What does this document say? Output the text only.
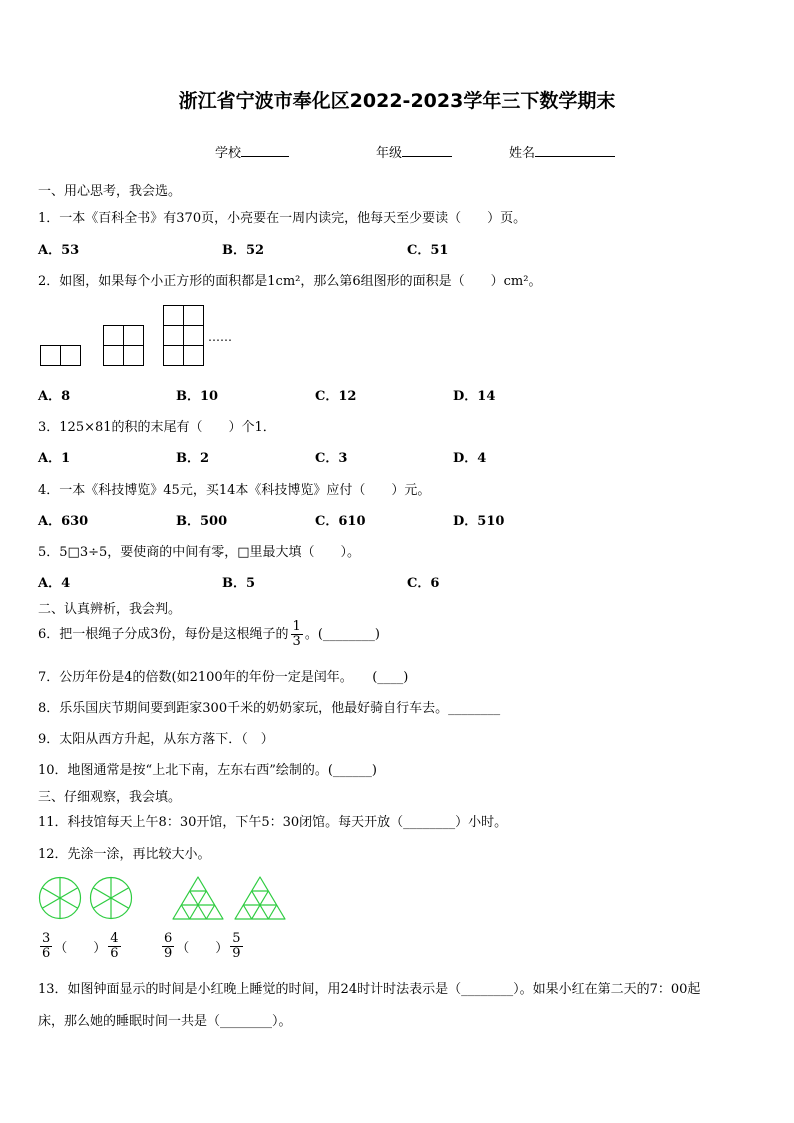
浙江省宁波市奉化区2022-2023学年三下数学期末
学校	年级	姓名
一、用心思考，我会选。
1．一本《百科全书》有370页，小亮要在一周内读完，他每天至少要读（　　）页。
A．53	B．52	C．51
2．如图，如果每个小正方形的面积都是1cm²，那么第6组图形的面积是（　　）cm²。
……
A．8	B．10	C．12	D．14
3．125×81的积的末尾有（　　）个1．
A．1	B．2	C．3	D．4
4．一本《科技博览》45元，买14本《科技博览》应付（　　）元。
A．630	B．500	C．610	D．510
5．5□3÷5，要使商的中间有零，□里最大填（　　）。
A．4	B．5	C．6
二、认真辨析，我会判。
6．把一根绳子分成3份，每份是这根绳子的 $\frac{1}{3}$ 。(________)
7．公历年份是4的倍数(如2100年的年份一定是闰年。　　(____)
8．乐乐国庆节期间要到距家300千米的奶奶家玩，他最好骑自行车去。________
9．太阳从西方升起，从东方落下．（　）
10．地图通常是按“上北下南，左东右西”绘制的。(______)
三、仔细观察，我会填。
11．科技馆每天上午8：30开馆，下午5：30闭馆。每天开放（________）小时。
12．先涂一涂，再比较大小。
$\frac{3}{6}$ （　　） $\frac{4}{6}$	$\frac{6}{9}$ （　　） $\frac{5}{9}$
13．如图钟面显示的时间是小红晚上睡觉的时间，用24时计时法表示是（________）。如果小红在第二天的7：00起
床，那么她的睡眠时间一共是（________）。
